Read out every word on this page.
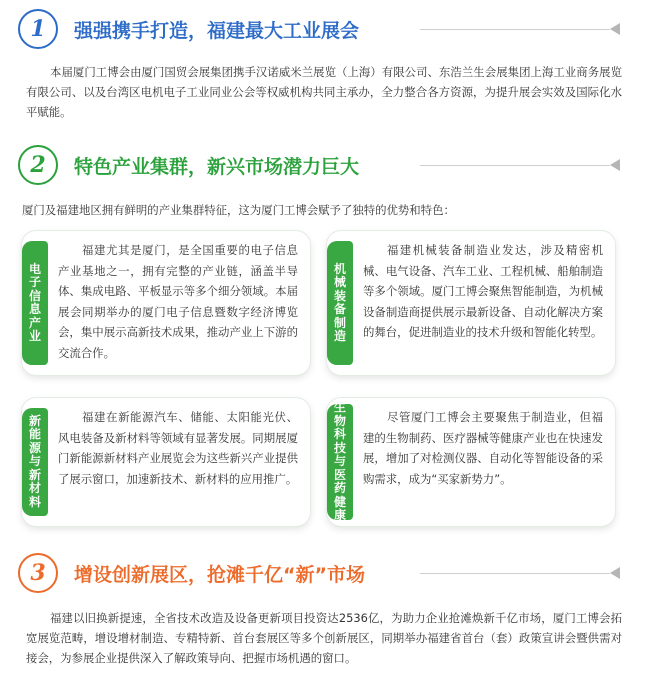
1	强强携手打造，福建最大工业展会
本届厦门工博会由厦门国贸会展集团携手汉诺威米兰展览（上海）有限公司、东浩兰生会展集团上海工业商务展览有限公司、以及台湾区电机电子工业同业公会等权威机构共同主承办，全力整合各方资源，为提升展会实效及国际化水平赋能。
2	特色产业集群，新兴市场潜力巨大
厦门及福建地区拥有鲜明的产业集群特征，这为厦门工博会赋予了独特的优势和特色：
电
子
信
息
产
业
福建尤其是厦门，是全国重要的电子信息产业基地之一，拥有完整的产业链，涵盖半导体、集成电路、平板显示等多个细分领域。本届展会同期举办的厦门电子信息暨数字经济博览会，集中展示高新技术成果，推动产业上下游的交流合作。
机
械
装
备
制
造
福建机械装备制造业发达，涉及精密机械、电气设备、汽车工业、工程机械、船舶制造等多个领域。厦门工博会聚焦智能制造，为机械设备制造商提供展示最新设备、自动化解决方案的舞台，促进制造业的技术升级和智能化转型。
新
能
源
与
新
材
料
福建在新能源汽车、储能、太阳能光伏、风电装备及新材料等领域有显著发展。同期展厦门新能源新材料产业展览会为这些新兴产业提供了展示窗口，加速新技术、新材料的应用推广。
生
物
科
技
与
医
药
健
康
尽管厦门工博会主要聚焦于制造业，但福建的生物制药、医疗器械等健康产业也在快速发展，增加了对检测仪器、自动化等智能设备的采购需求，成为“买家新势力”。
3	增设创新展区，抢滩千亿“新”市场
福建以旧换新提速，全省技术改造及设备更新项目投资达2536亿，为助力企业抢滩焕新千亿市场，厦门工博会拓宽展览范畴，增设增材制造、专精特新、首台套展区等多个创新展区，同期举办福建省首台（套）政策宣讲会暨供需对接会，为参展企业提供深入了解政策导向、把握市场机遇的窗口。
